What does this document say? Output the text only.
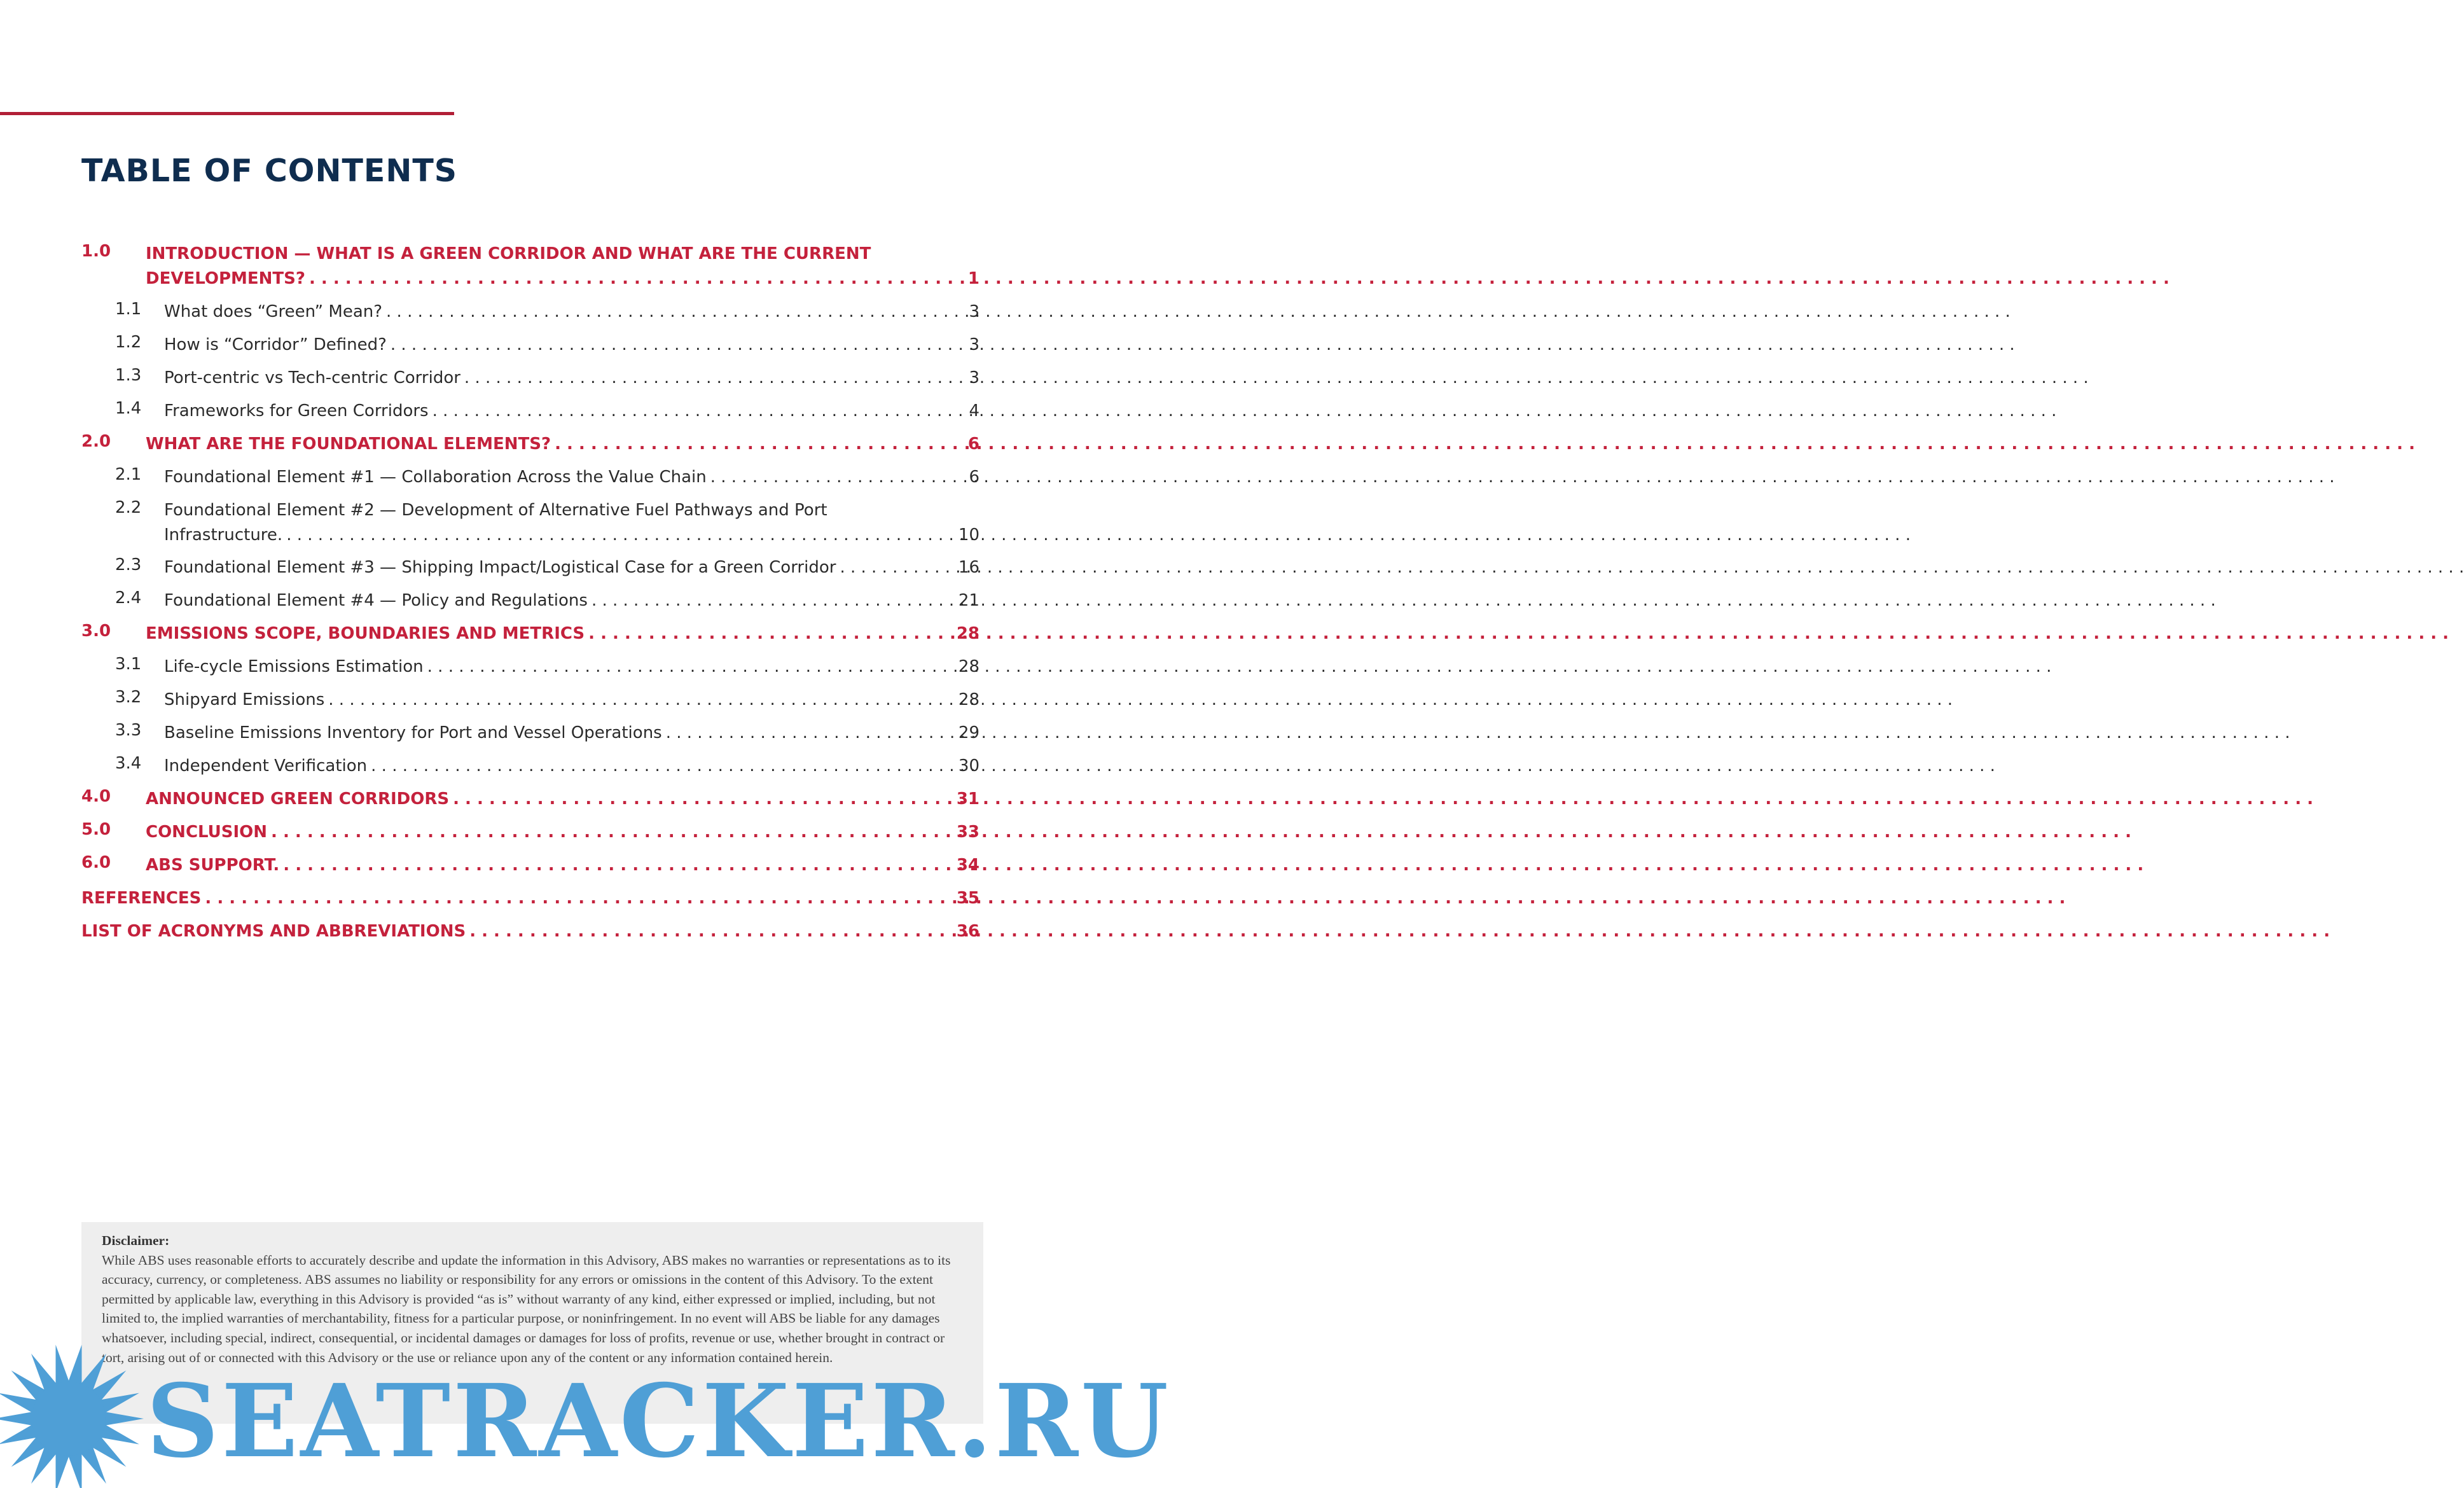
TABLE OF CONTENTS
1.0 INTRODUCTION — WHAT IS A GREEN CORRIDOR AND WHAT ARE THE CURRENT
DEVELOPMENTS? . . .	1
1.1 What does “Green” Mean? . . .	3
1.2 How is “Corridor” Defined? . . .	3
1.3 Port-centric vs Tech-centric Corridor . . .	3
1.4 Frameworks for Green Corridors . . .	4
2.0 WHAT ARE THE FOUNDATIONAL ELEMENTS? . . .	6
2.1 Foundational Element #1 — Collaboration Across the Value Chain . . .	6
2.2 Foundational Element #2 — Development of Alternative Fuel Pathways and Port
Infrastructure. . . .	10
2.3 Foundational Element #3 — Shipping Impact/Logistical Case for a Green Corridor . . .	16
2.4 Foundational Element #4 — Policy and Regulations . . .	21
3.0 EMISSIONS SCOPE, BOUNDARIES AND METRICS . . .	28
3.1 Life-cycle Emissions Estimation . . .	28
3.2 Shipyard Emissions . . .	28
3.3 Baseline Emissions Inventory for Port and Vessel Operations . . .	29
3.4 Independent Verification . . .	30
4.0 ANNOUNCED GREEN CORRIDORS . . .	31
5.0 CONCLUSION . . .	33
6.0 ABS SUPPORT. . . .	34
REFERENCES . . .	35
LIST OF ACRONYMS AND ABBREVIATIONS . . .	36
Disclaimer:
While ABS uses reasonable efforts to accurately describe and update the information in this Advisory, ABS makes no warranties or representations as to its accuracy, currency, or completeness. ABS assumes no liability or responsibility for any errors or omissions in the content of this Advisory. To the extent permitted by applicable law, everything in this Advisory is provided “as is” without warranty of any kind, either expressed or implied, including, but not limited to, the implied warranties of merchantability, fitness for a particular purpose, or noninfringement. In no event will ABS be liable for any damages whatsoever, including special, indirect, consequential, or incidental damages or damages for loss of profits, revenue or use, whether brought in contract or tort, arising out of or connected with this Advisory or the use or reliance upon any of the content or any information contained herein.
SEATRACKER.RU
